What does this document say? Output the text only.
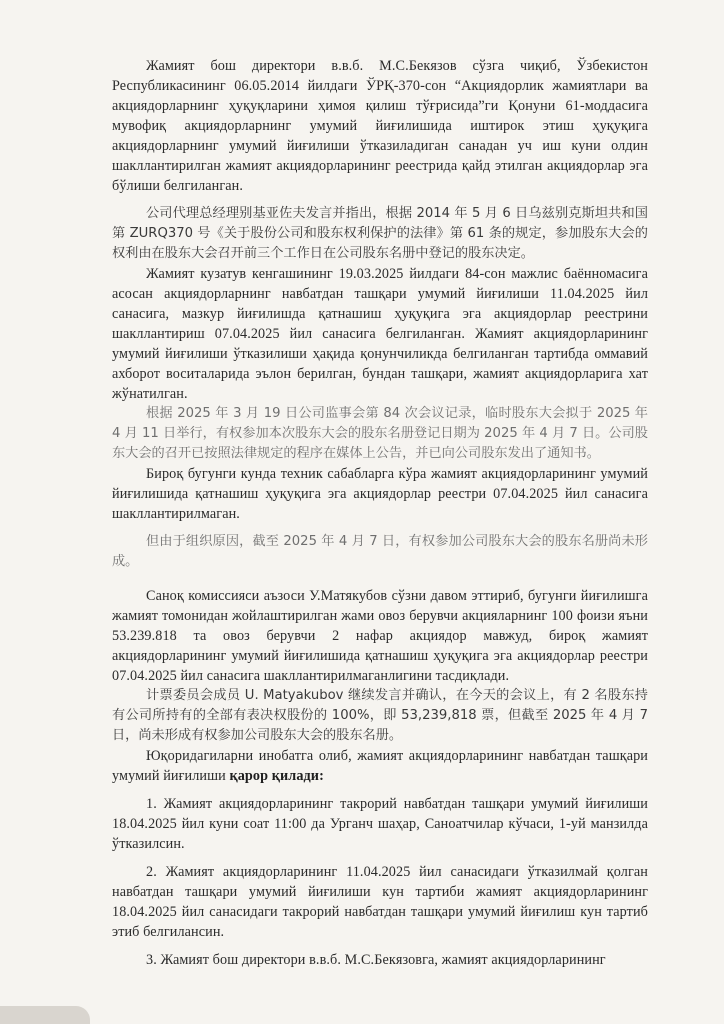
Жамият бош директори в.в.б. М.С.Бекязов сўзга чиқиб, Ўзбекистон Республикасининг 06.05.2014 йилдаги ЎРҚ-370-сон “Акциядорлик жамиятлари ва акциядорларнинг ҳуқуқларини ҳимоя қилиш тўғрисида”ги Қонуни 61-моддасига мувофиқ акциядорларнинг умумий йиғилишида иштирок этиш ҳуқуқига акциядорларнинг умумий йиғилиши ўтказиладиган санадан уч иш куни олдин шакллантирилган жамият акциядорларининг реестрида қайд этилган акциядорлар эга бўлиши белгиланган.

公司代理总经理别基亚佐夫发言并指出，根据 2014 年 5 月 6 日乌兹别克斯坦共和国第 ZURQ370 号《关于股份公司和股东权利保护的法律》第 61 条的规定，参加股东大会的权利由在股东大会召开前三个工作日在公司股东名册中登记的股东决定。

Жамият кузатув кенгашининг 19.03.2025 йилдаги 84-сон мажлис баённомасига асосан акциядорларнинг навбатдан ташқари умумий йиғилиши 11.04.2025 йил санасига, мазкур йиғилишда қатнашиш ҳуқуқига эга акциядорлар реестрини шакллантириш 07.04.2025 йил санасига белгиланган. Жамият акциядорларининг умумий йиғилиши ўтказилиши ҳақида қонунчиликда белгиланган тартибда оммавий ахборот воситаларида эълон берилган, бундан ташқари, жамият акциядорларига хат жўнатилган.

根据 2025 年 3 月 19 日公司监事会第 84 次会议记录，临时股东大会拟于 2025 年 4 月 11 日举行，有权参加本次股东大会的股东名册登记日期为 2025 年 4 月 7 日。公司股东大会的召开已按照法律规定的程序在媒体上公告，并已向公司股东发出了通知书。

Бироқ бугунги кунда техник сабабларга кўра жамият акциядорларининг умумий йиғилишида қатнашиш ҳуқуқига эга акциядорлар реестри 07.04.2025 йил санасига шакллантирилмаган.

但由于组织原因，截至 2025 年 4 月 7 日，有权参加公司股东大会的股东名册尚未形成。

Саноқ комиссияси аъзоси У.Матякубов сўзни давом эттириб, бугунги йиғилишга жамият томонидан жойлаштирилган жами овоз берувчи акцияларнинг 100 фоизи яъни 53.239.818 та овоз берувчи 2 нафар акциядор мавжуд, бироқ жамият акциядорларининг умумий йиғилишида қатнашиш ҳуқуқига эга акциядорлар реестри 07.04.2025 йил санасига шакллантирилмаганлигини тасдиқлади.

计票委员会成员 U. Matyakubov 继续发言并确认，在今天的会议上，有 2 名股东持有公司所持有的全部有表决权股份的 100%，即 53,239,818 票，但截至 2025 年 4 月 7 日，尚未形成有权参加公司股东大会的股东名册。

Юқоридагиларни инобатга олиб, жамият акциядорларининг навбатдан ташқари умумий йиғилиши қарор қилади:

1. Жамият акциядорларининг такрорий навбатдан ташқари умумий йиғилиши 18.04.2025 йил куни соат 11:00 да Урганч шаҳар, Саноатчилар кўчаси, 1-уй манзилда ўтказилсин.

2. Жамият акциядорларининг 11.04.2025 йил санасидаги ўтказилмай қолган навбатдан ташқари умумий йиғилиши кун тартиби жамият акциядорларининг 18.04.2025 йил санасидаги такрорий навбатдан ташқари умумий йиғилиш кун тартиб этиб белгилансин.

3. Жамият бош директори в.в.б. М.С.Бекязовга, жамият акциядорларининг
